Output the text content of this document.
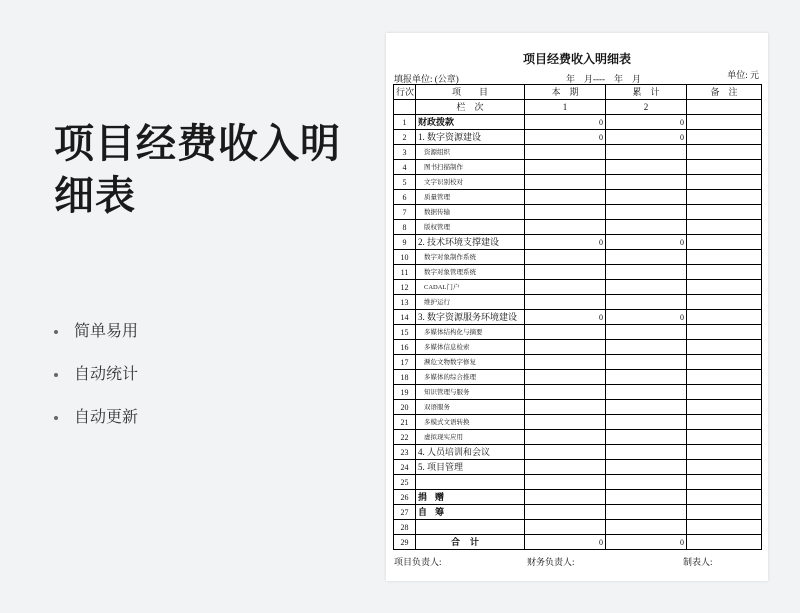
项目经费收入明细表
简单易用
自动统计
自动更新
项目经费收入明细表
填报单位: (公章)	年　月----　年　月	单位: 元
行次	项　　目	本　期	累　计	备　注
	栏　次	1	2	
1	财政拨款	0	0	
2	1. 数字资源建设	0	0	
3	资源组织			
4	图书扫描制作			
5	文字识别校对			
6	质量管理			
7	数据传输			
8	版权管理			
9	2. 技术环境支撑建设	0	0	
10	数字对象制作系统			
11	数字对象管理系统			
12	CADAL门户			
13	维护运行			
14	3. 数字资源服务环境建设	0	0	
15	多媒体结构化与摘要			
16	多媒体信息检索			
17	濒危文物数字修复			
18	多媒体的综合推理			
19	知识管理与服务			
20	双语服务			
21	多模式文语转换			
22	虚拟现实应用			
23	4. 人员培训和会议			
24	5. 项目管理			
25				
26	捐赠			
27	自筹			
28				
29	合计	0	0	
项目负责人:	财务负责人:	制表人:
